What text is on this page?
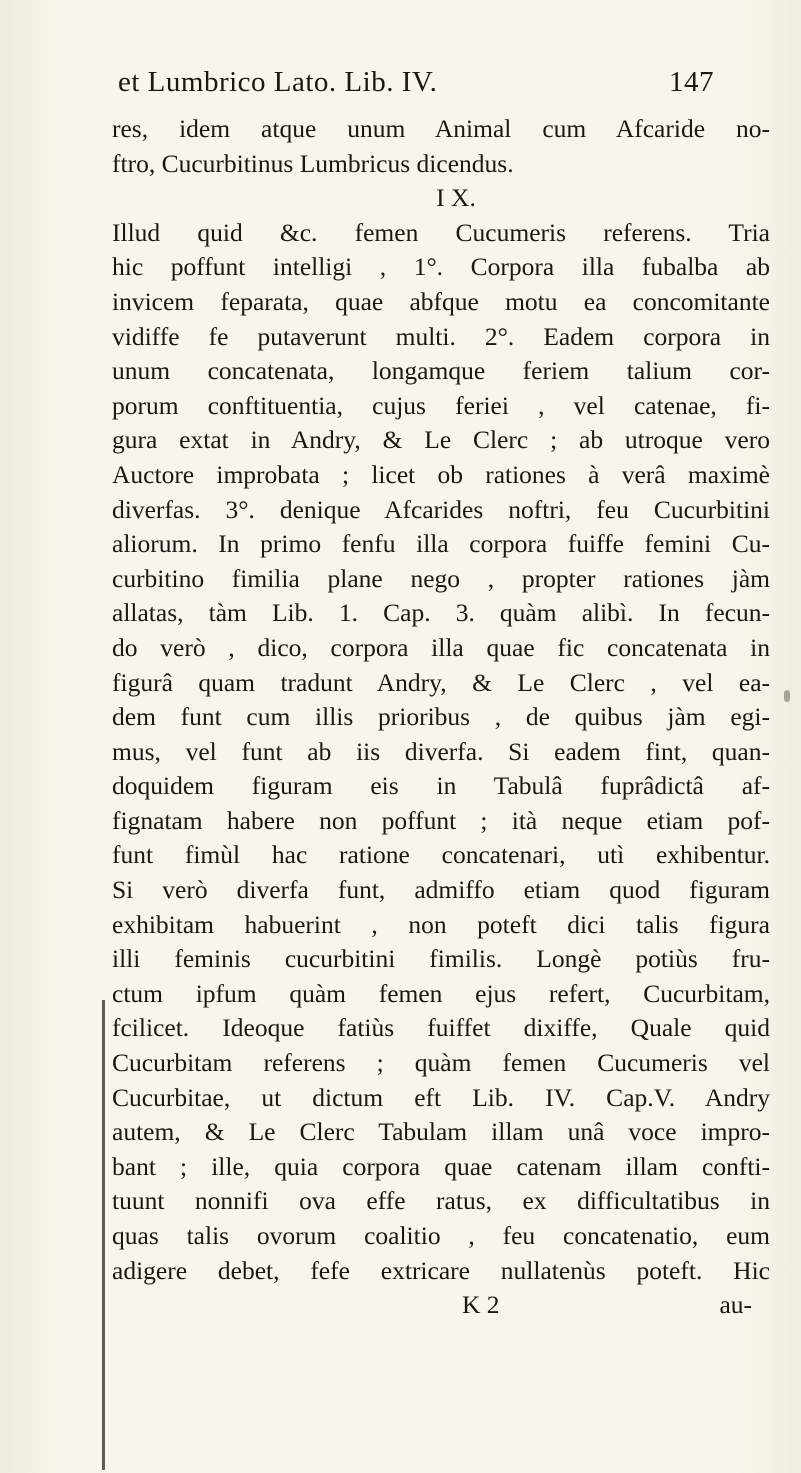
et Lumbrico Lato. Lib. IV.	147
res, idem atque unum Animal cum Afcaride no-
ftro, Cucurbitinus Lumbricus dicendus.
I X.
Illud quid &c. femen Cucumeris referens. Tria
hic poffunt intelligi , 1°. Corpora illa fubalba ab
invicem feparata, quae abfque motu ea concomitante
vidiffe fe putaverunt multi. 2°. Eadem corpora in
unum concatenata, longamque feriem talium cor-
porum conftituentia, cujus feriei , vel catenae, fi-
gura extat in Andry, & Le Clerc ; ab utroque vero
Auctore improbata ; licet ob rationes à verâ maximè
diverfas. 3°. denique Afcarides noftri, feu Cucurbitini
aliorum. In primo fenfu illa corpora fuiffe femini Cu-
curbitino fimilia plane nego , propter rationes jàm
allatas, tàm Lib. 1. Cap. 3. quàm alibì. In fecun-
do verò , dico, corpora illa quae fic concatenata in
figurâ quam tradunt Andry, & Le Clerc , vel ea-
dem funt cum illis prioribus , de quibus jàm egi-
mus, vel funt ab iis diverfa. Si eadem fint, quan-
doquidem figuram eis in Tabulâ fuprâdictâ af-
fignatam habere non poffunt ; ità neque etiam pof-
funt fimùl hac ratione concatenari, utì exhibentur.
Si verò diverfa funt, admiffo etiam quod figuram
exhibitam habuerint , non poteft dici talis figura
illi feminis cucurbitini fimilis. Longè potiùs fru-
ctum ipfum quàm femen ejus refert, Cucurbitam,
fcilicet. Ideoque fatiùs fuiffet dixiffe, Quale quid
Cucurbitam referens ; quàm femen Cucumeris vel
Cucurbitae, ut dictum eft Lib. IV. Cap.V. Andry
autem, & Le Clerc Tabulam illam unâ voce impro-
bant ; ille, quia corpora quae catenam illam confti-
tuunt nonnifi ova effe ratus, ex difficultatibus in
quas talis ovorum coalitio , feu concatenatio, eum
adigere debet, fefe extricare nullatenùs poteft. Hic
K 2	au-
